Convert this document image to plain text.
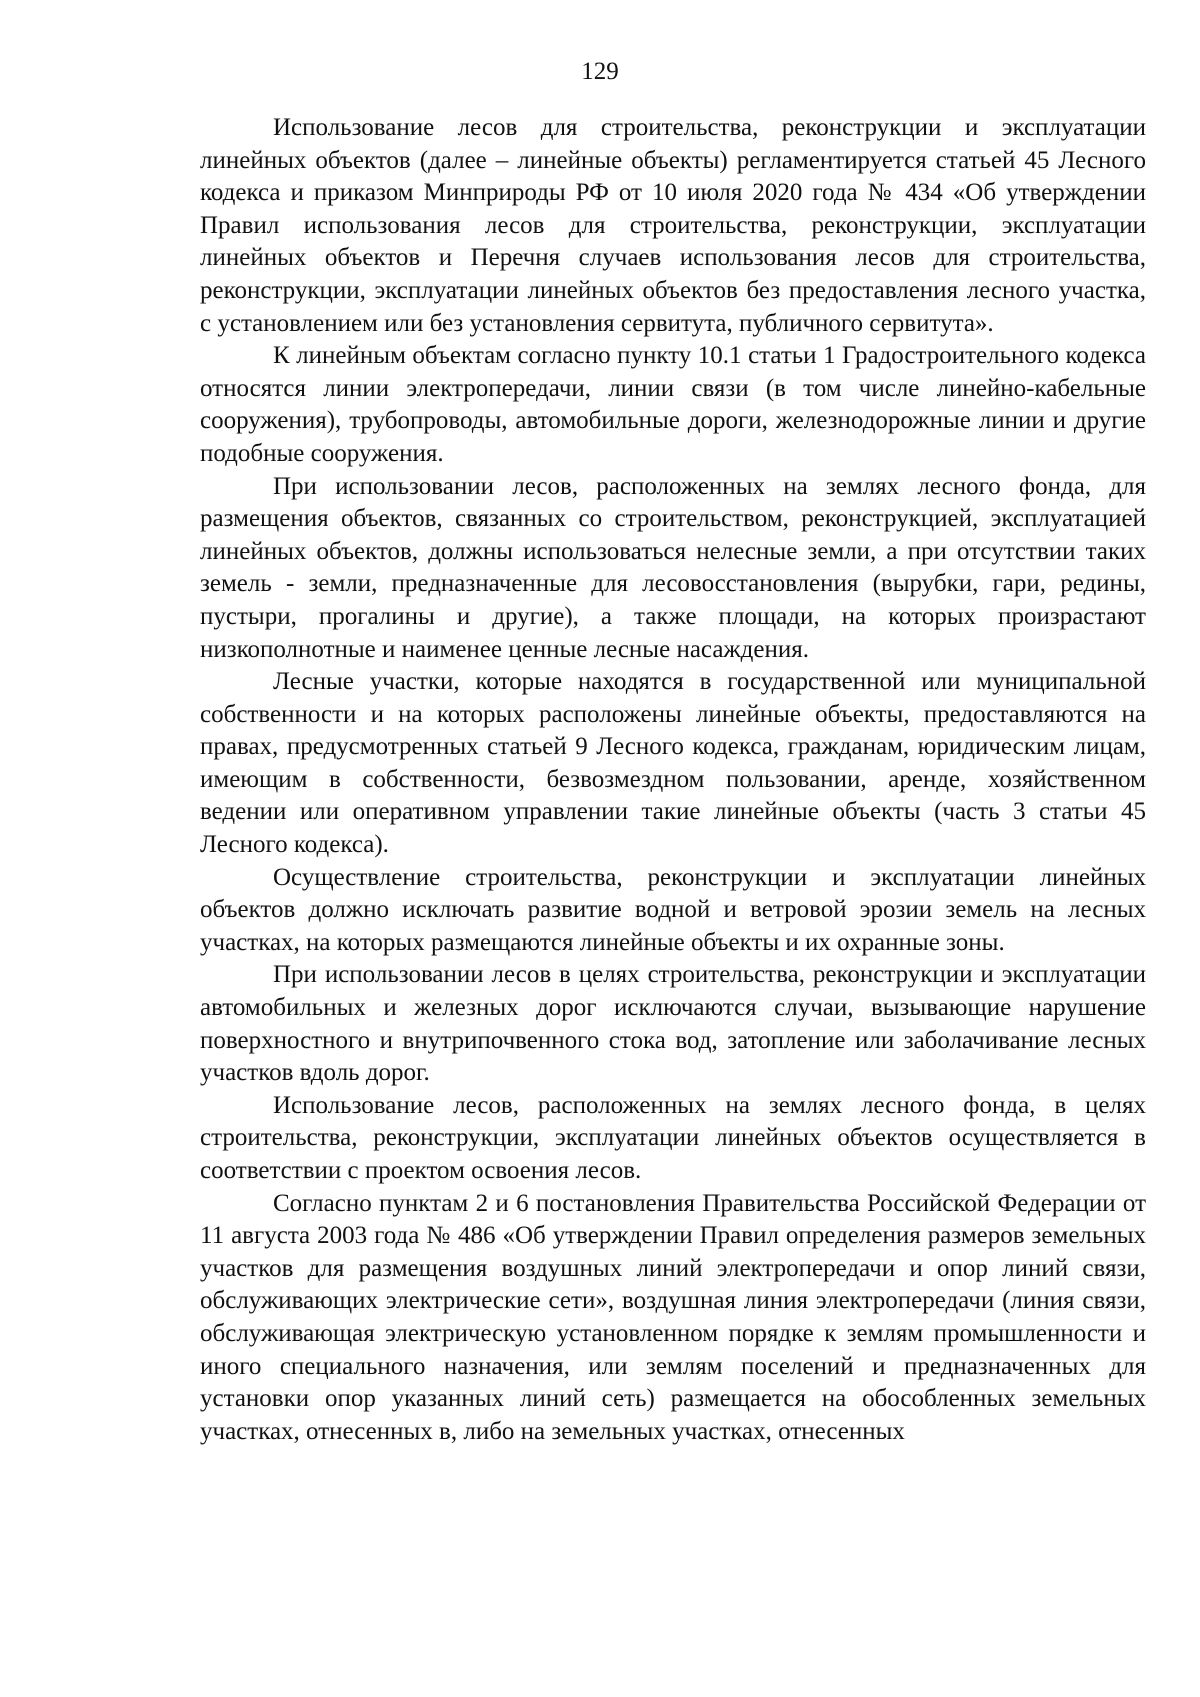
129

Использование лесов для строительства, реконструкции и эксплуатации линейных объектов (далее – линейные объекты) регламентируется статьей 45 Лесного кодекса и приказом Минприроды РФ от 10 июля 2020 года № 434 «Об утверждении Правил использования лесов для строительства, реконструкции, эксплуатации линейных объектов и Перечня случаев использования лесов для строительства, реконструкции, эксплуатации линейных объектов без предоставления лесного участка, с установлением или без установления сервитута, публичного сервитута».

К линейным объектам согласно пункту 10.1 статьи 1 Градостроительного кодекса относятся линии электропередачи, линии связи (в том числе линейно-кабельные сооружения), трубопроводы, автомобильные дороги, железнодорожные линии и другие подобные сооружения.

При использовании лесов, расположенных на землях лесного фонда, для размещения объектов, связанных со строительством, реконструкцией, эксплуатацией линейных объектов, должны использоваться нелесные земли, а при отсутствии таких земель - земли, предназначенные для лесовосстановления (вырубки, гари, редины, пустыри, прогалины и другие), а также площади, на которых произрастают низкополнотные и наименее ценные лесные насаждения.

Лесные участки, которые находятся в государственной или муниципальной собственности и на которых расположены линейные объекты, предоставляются на правах, предусмотренных статьей 9 Лесного кодекса, гражданам, юридическим лицам, имеющим в собственности, безвозмездном пользовании, аренде, хозяйственном ведении или оперативном управлении такие линейные объекты (часть 3 статьи 45 Лесного кодекса).

Осуществление строительства, реконструкции и эксплуатации линейных объектов должно исключать развитие водной и ветровой эрозии земель на лесных участках, на которых размещаются линейные объекты и их охранные зоны.

При использовании лесов в целях строительства, реконструкции и эксплуатации автомобильных и железных дорог исключаются случаи, вызывающие нарушение поверхностного и внутрипочвенного стока вод, затопление или заболачивание лесных участков вдоль дорог.

Использование лесов, расположенных на землях лесного фонда, в целях строительства, реконструкции, эксплуатации линейных объектов осуществляется в соответствии с проектом освоения лесов.

Согласно пунктам 2 и 6 постановления Правительства Российской Федерации от 11 августа 2003 года № 486 «Об утверждении Правил определения размеров земельных участков для размещения воздушных линий электропередачи и опор линий связи, обслуживающих электрические сети», воздушная линия электропередачи (линия связи, обслуживающая электрическую установленном порядке к землям промышленности и иного специального назначения, или землям поселений и предназначенных для установки опор указанных линий сеть) размещается на обособленных земельных участках, отнесенных в, либо на земельных участках, отнесенных
